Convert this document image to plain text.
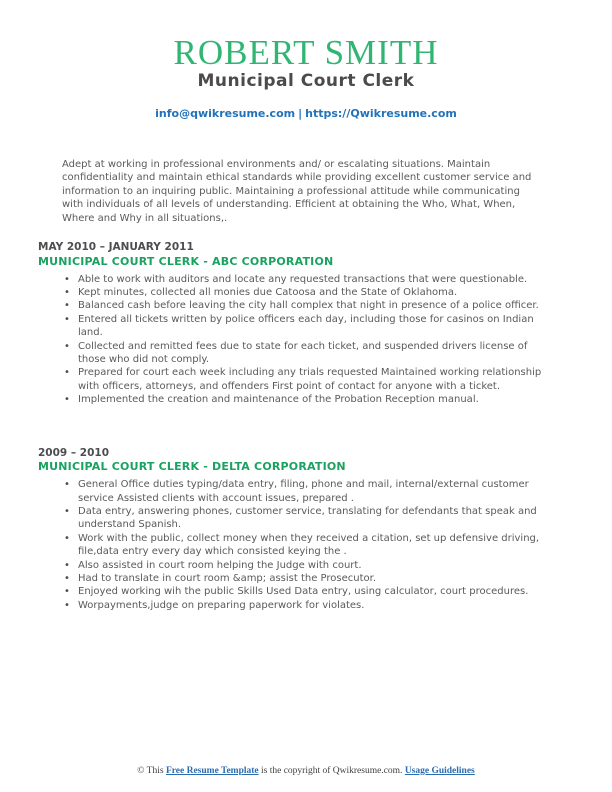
ROBERT SMITH
Municipal Court Clerk
info@qwikresume.com | https://Qwikresume.com
Adept at working in professional environments and/ or escalating situations. Maintain confidentiality and maintain ethical standards while providing excellent customer service and information to an inquiring public. Maintaining a professional attitude while communicating with individuals of all levels of understanding. Efficient at obtaining the Who, What, When, Where and Why in all situations,.
MAY 2010 – JANUARY 2011
MUNICIPAL COURT CLERK - ABC CORPORATION
• Able to work with auditors and locate any requested transactions that were questionable.
• Kept minutes, collected all monies due Catoosa and the State of Oklahoma.
• Balanced cash before leaving the city hall complex that night in presence of a police officer.
• Entered all tickets written by police officers each day, including those for casinos on Indian land.
• Collected and remitted fees due to state for each ticket, and suspended drivers license of those who did not comply.
• Prepared for court each week including any trials requested Maintained working relationship with officers, attorneys, and offenders First point of contact for anyone with a ticket.
• Implemented the creation and maintenance of the Probation Reception manual.
2009 – 2010
MUNICIPAL COURT CLERK - DELTA CORPORATION
• General Office duties typing/data entry, filing, phone and mail, internal/external customer service Assisted clients with account issues, prepared .
• Data entry, answering phones, customer service, translating for defendants that speak and understand Spanish.
• Work with the public, collect money when they received a citation, set up defensive driving, file,data entry every day which consisted keying the .
• Also assisted in court room helping the Judge with court.
• Had to translate in court room &amp; assist the Prosecutor.
• Enjoyed working wih the public Skills Used Data entry, using calculator, court procedures.
• Worpayments,judge on preparing paperwork for violates.
© This Free Resume Template is the copyright of Qwikresume.com. Usage Guidelines
